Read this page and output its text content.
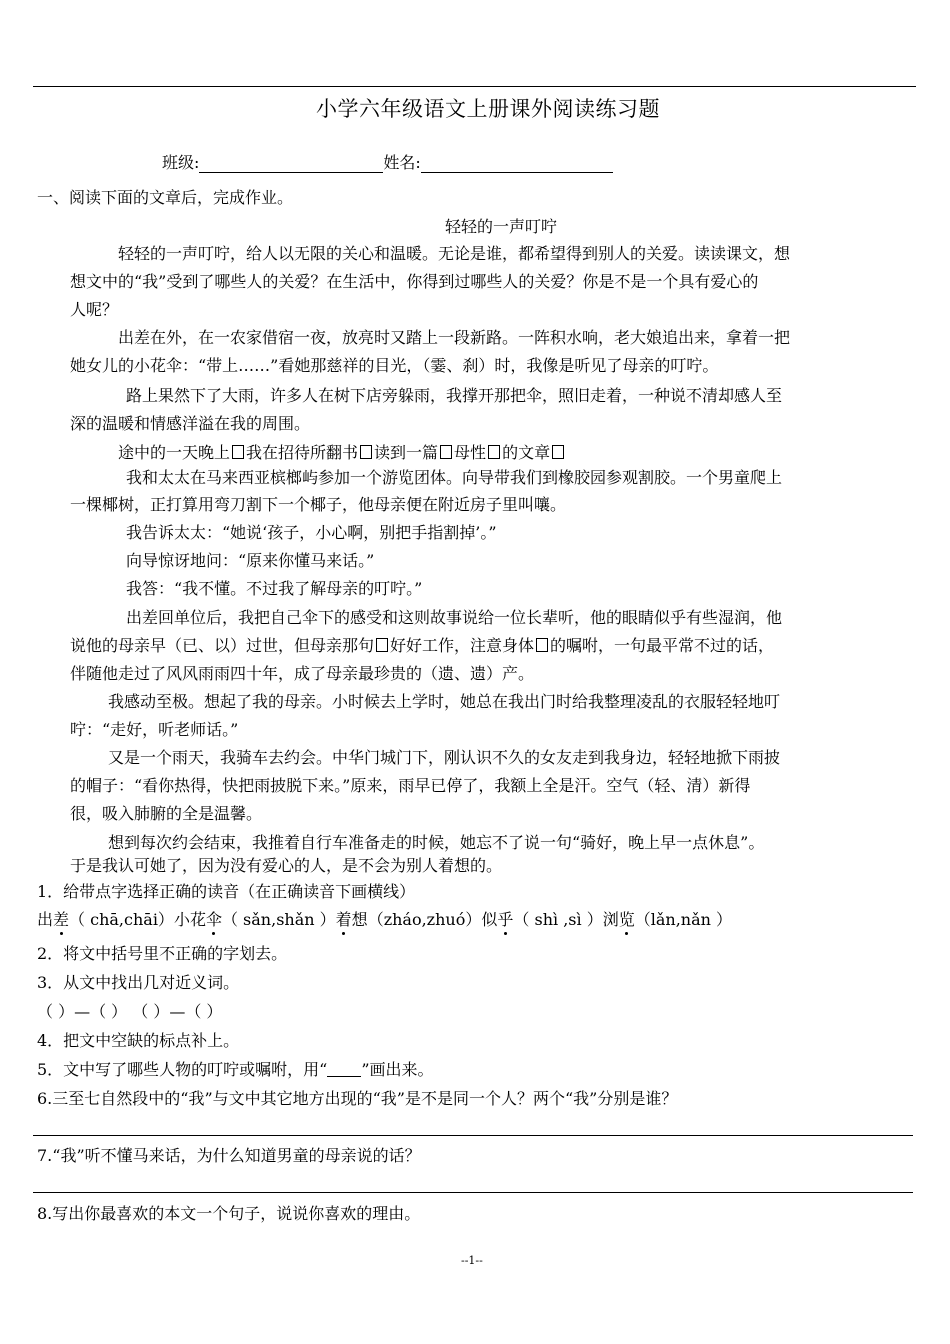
小学六年级语文上册课外阅读练习题
班级:	姓名:
一、阅读下面的文章后，完成作业。
轻轻的一声叮咛
轻轻的一声叮咛，给人以无限的关心和温暖。无论是谁，都希望得到别人的关爱。读读课文，想
想文中的“我”受到了哪些人的关爱？在生活中，你得到过哪些人的关爱？你是不是一个具有爱心的
人呢？
出差在外，在一农家借宿一夜，放亮时又踏上一段新路。一阵积水响，老大娘追出来，拿着一把
她女儿的小花伞：“带上……”看她那慈祥的目光，（霎、刹）时，我像是听见了母亲的叮咛。
路上果然下了大雨，许多人在树下店旁躲雨，我撑开那把伞，照旧走着，一种说不清却感人至
深的温暖和情感洋溢在我的周围。
途中的一天晚上 我在招待所翻书 读到一篇 母性 的文章
我和太太在马来西亚槟榔屿参加一个游览团体。向导带我们到橡胶园参观割胶。一个男童爬上
一棵椰树，正打算用弯刀割下一个椰子，他母亲便在附近房子里叫嚷。
我告诉太太：“她说‘孩子，小心啊，别把手指割掉’。”
向导惊讶地问：“原来你懂马来话。”
我答：“我不懂。不过我了解母亲的叮咛。”
出差回单位后，我把自己伞下的感受和这则故事说给一位长辈听，他的眼睛似乎有些湿润，他
说他的母亲早（已、以）过世，但母亲那句 好好工作，注意身体 的嘱咐，一句最平常不过的话，
伴随他走过了风风雨雨四十年，成了母亲最珍贵的（遗、遗）产。
我感动至极。想起了我的母亲。小时候去上学时，她总在我出门时给我整理凌乱的衣服轻轻地叮
咛：“走好，听老师话。”
又是一个雨天，我骑车去约会。中华门城门下，刚认识不久的女友走到我身边，轻轻地掀下雨披
的帽子：“看你热得，快把雨披脱下来。”原来，雨早已停了，我额上全是汗。空气（轻、清）新得
很，吸入肺腑的全是温馨。
想到每次约会结束，我推着自行车准备走的时候，她忘不了说一句“骑好，晚上早一点休息”。
于是我认可她了，因为没有爱心的人，是不会为别人着想的。
1．给带点字选择正确的读音（在正确读音下画横线）
出差（ chā,chāi）小花伞（ sǎn,shǎn ）着想（zháo,zhuó）似乎（ shì ,sì ）浏览（lǎn,nǎn ）
2．将文中括号里不正确的字划去。
3．从文中找出几对近义词。
（ ）—（ ） （ ）—（ ）
4．把文中空缺的标点补上。
5．文中写了哪些人物的叮咛或嘱咐，用“ ”画出来。
6.三至七自然段中的“我”与文中其它地方出现的“我”是不是同一个人？两个“我”分别是谁？
7.“我”听不懂马来话，为什么知道男童的母亲说的话？
8.写出你最喜欢的本文一个句子，说说你喜欢的理由。
--1--
